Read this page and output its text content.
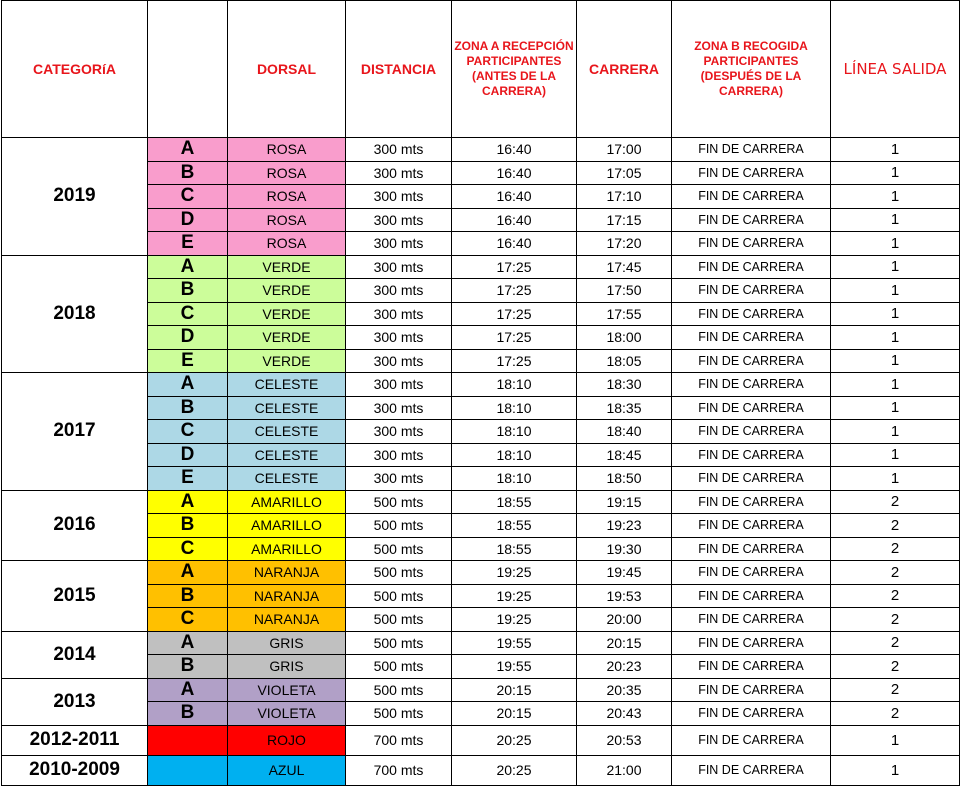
CATEGORíA		DORSAL	DISTANCIA	ZONA A RECEPCIÓN PARTICIPANTES (ANTES DE LA CARRERA)	CARRERA	ZONA B RECOGIDA PARTICIPANTES (DESPUÉS DE LA CARRERA)	LÍNEA SALIDA
2019	A	ROSA	300 mts	16:40	17:00	FIN DE CARRERA	1
	B	ROSA	300 mts	16:40	17:05	FIN DE CARRERA	1
	C	ROSA	300 mts	16:40	17:10	FIN DE CARRERA	1
	D	ROSA	300 mts	16:40	17:15	FIN DE CARRERA	1
	E	ROSA	300 mts	16:40	17:20	FIN DE CARRERA	1
2018	A	VERDE	300 mts	17:25	17:45	FIN DE CARRERA	1
	B	VERDE	300 mts	17:25	17:50	FIN DE CARRERA	1
	C	VERDE	300 mts	17:25	17:55	FIN DE CARRERA	1
	D	VERDE	300 mts	17:25	18:00	FIN DE CARRERA	1
	E	VERDE	300 mts	17:25	18:05	FIN DE CARRERA	1
2017	A	CELESTE	300 mts	18:10	18:30	FIN DE CARRERA	1
	B	CELESTE	300 mts	18:10	18:35	FIN DE CARRERA	1
	C	CELESTE	300 mts	18:10	18:40	FIN DE CARRERA	1
	D	CELESTE	300 mts	18:10	18:45	FIN DE CARRERA	1
	E	CELESTE	300 mts	18:10	18:50	FIN DE CARRERA	1
2016	A	AMARILLO	500 mts	18:55	19:15	FIN DE CARRERA	2
	B	AMARILLO	500 mts	18:55	19:23	FIN DE CARRERA	2
	C	AMARILLO	500 mts	18:55	19:30	FIN DE CARRERA	2
2015	A	NARANJA	500 mts	19:25	19:45	FIN DE CARRERA	2
	B	NARANJA	500 mts	19:25	19:53	FIN DE CARRERA	2
	C	NARANJA	500 mts	19:25	20:00	FIN DE CARRERA	2
2014	A	GRIS	500 mts	19:55	20:15	FIN DE CARRERA	2
	B	GRIS	500 mts	19:55	20:23	FIN DE CARRERA	2
2013	A	VIOLETA	500 mts	20:15	20:35	FIN DE CARRERA	2
	B	VIOLETA	500 mts	20:15	20:43	FIN DE CARRERA	2
2012-2011		ROJO	700 mts	20:25	20:53	FIN DE CARRERA	1
2010-2009		AZUL	700 mts	20:25	21:00	FIN DE CARRERA	1
